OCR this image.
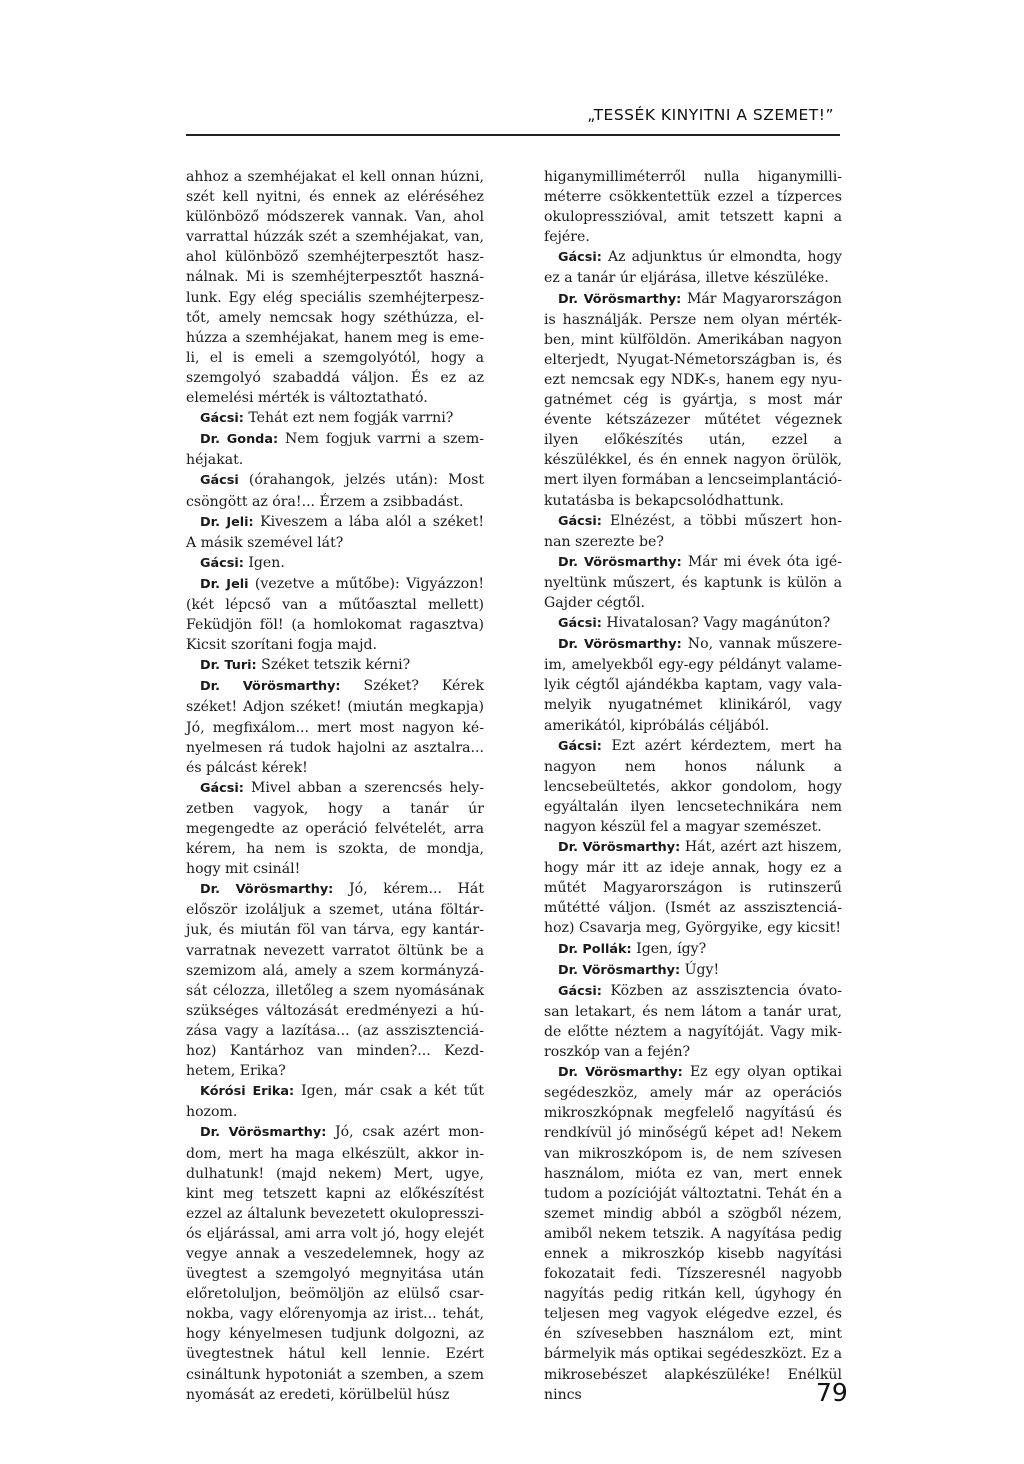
„TESSÉK KINYITNI A SZEMET!”

ahhoz a szemhéjakat el kell onnan húzni, szét kell nyitni, és ennek az eléréséhez különböző módszerek vannak. Van, ahol varrattal húzzák szét a szemhéjakat, van, ahol különböző szemhéjterpesztőt használnak. Mi is szemhéjterpesztőt használunk. Egy elég speciális szemhéjterpesztőt, amely nemcsak hogy széthúzza, elhúzza a szemhéjakat, hanem meg is emeli, el is emeli a szemgolyótól, hogy a szemgolyó szabaddá váljon. És ez az elemelési mérték is változtatható.

Gácsi: Tehát ezt nem fogják varrni?

Dr. Gonda: Nem fogjuk varrni a szemhéjakat.

Gácsi (órahangok, jelzés után): Most csöngött az óra!... Érzem a zsibbadást.

Dr. Jeli: Kiveszem a lába alól a széket! A másik szemével lát?

Gácsi: Igen.

Dr. Jeli (vezetve a műtőbe): Vigyázzon! (két lépcső van a műtőasztal mellett) Feküdjön föl! (a homlokomat ragasztva) Kicsit szorítani fogja majd.

Dr. Turi: Széket tetszik kérni?

Dr. Vörösmarthy: Széket? Kérek széket! Adjon széket! (miután megkapja) Jó, megfixálom... mert most nagyon kényelmesen rá tudok hajolni az asztalra... és pálcást kérek!

Gácsi: Mivel abban a szerencsés helyzetben vagyok, hogy a tanár úr megengedte az operáció felvételét, arra kérem, ha nem is szokta, de mondja, hogy mit csinál!

Dr. Vörösmarthy: Jó, kérem... Hát először izoláljuk a szemet, utána föltárjuk, és miután föl van tárva, egy kantárvarratnak nevezett varratot öltünk be a szemizom alá, amely a szem kormányzását célozza, illetőleg a szem nyomásának szükséges változását eredményezi a húzása vagy a lazítása... (az asszisztenciához) Kantárhoz van minden?... Kezdhetem, Erika?

Kórósi Erika: Igen, már csak a két tűt hozom.

Dr. Vörösmarthy: Jó, csak azért mondom, mert ha maga elkészült, akkor indulhatunk! (majd nekem) Mert, ugye, kint meg tetszett kapni az előkészítést ezzel az általunk bevezetett okulopressziós eljárással, ami arra volt jó, hogy elejét vegye annak a veszedelemnek, hogy az üvegtest a szemgolyó megnyitása után előretoluljon, beömöljön az elülső csarnokba, vagy előrenyomja az irist... tehát, hogy kényelmesen tudjunk dolgozni, az üvegtestnek hátul kell lennie. Ezért csináltunk hypotoniát a szemben, a szem nyomását az eredeti, körülbelül húsz

higanymilliméterről nulla higanymilliméterre csökkentettük ezzel a tízperces okulopresszióval, amit tetszett kapni a fejére.

Gácsi: Az adjunktus úr elmondta, hogy ez a tanár úr eljárása, illetve készüléke.

Dr. Vörösmarthy: Már Magyarországon is használják. Persze nem olyan mértékben, mint külföldön. Amerikában nagyon elterjedt, Nyugat-Németországban is, és ezt nemcsak egy NDK-s, hanem egy nyugatnémet cég is gyártja, s most már évente kétszázezer műtétet végeznek ilyen előkészítés után, ezzel a készülékkel, és én ennek nagyon örülök, mert ilyen formában a lencseimplantáció-kutatásba is bekapcsolódhattunk.

Gácsi: Elnézést, a többi műszert honnan szerezte be?

Dr. Vörösmarthy: Már mi évek óta igényeltünk műszert, és kaptunk is külön a Gajder cégtől.

Gácsi: Hivatalosan? Vagy magánúton?

Dr. Vörösmarthy: No, vannak műszereim, amelyekből egy-egy példányt valamelyik cégtől ajándékba kaptam, vagy valamelyik nyugatnémet klinikáról, vagy amerikától, kipróbálás céljából.

Gácsi: Ezt azért kérdeztem, mert ha nagyon nem honos nálunk a lencsebeültetés, akkor gondolom, hogy egyáltalán ilyen lencsetechnikára nem nagyon készül fel a magyar szemészet.

Dr. Vörösmarthy: Hát, azért azt hiszem, hogy már itt az ideje annak, hogy ez a műtét Magyarországon is rutinszerű műtétté váljon. (Ismét az asszisztenciához) Csavarja meg, Györgyike, egy kicsit!

Dr. Pollák: Igen, így?

Dr. Vörösmarthy: Úgy!

Gácsi: Közben az asszisztencia óvatosan letakart, és nem látom a tanár urat, de előtte néztem a nagyítóját. Vagy mikroszkóp van a fején?

Dr. Vörösmarthy: Ez egy olyan optikai segédeszköz, amely már az operációs mikroszkópnak megfelelő nagyítású és rendkívül jó minőségű képet ad! Nekem van mikroszkópom is, de nem szívesen használom, mióta ez van, mert ennek tudom a pozícióját változtatni. Tehát én a szemet mindig abból a szögből nézem, amiből nekem tetszik. A nagyítása pedig ennek a mikroszkóp kisebb nagyítási fokozatait fedi. Tízszeresnél nagyobb nagyítás pedig ritkán kell, úgyhogy én teljesen meg vagyok elégedve ezzel, és én szívesebben használom ezt, mint bármelyik más optikai segédeszközt. Ez a mikrosebészet alapkészüléke! Enélkül nincs	79
